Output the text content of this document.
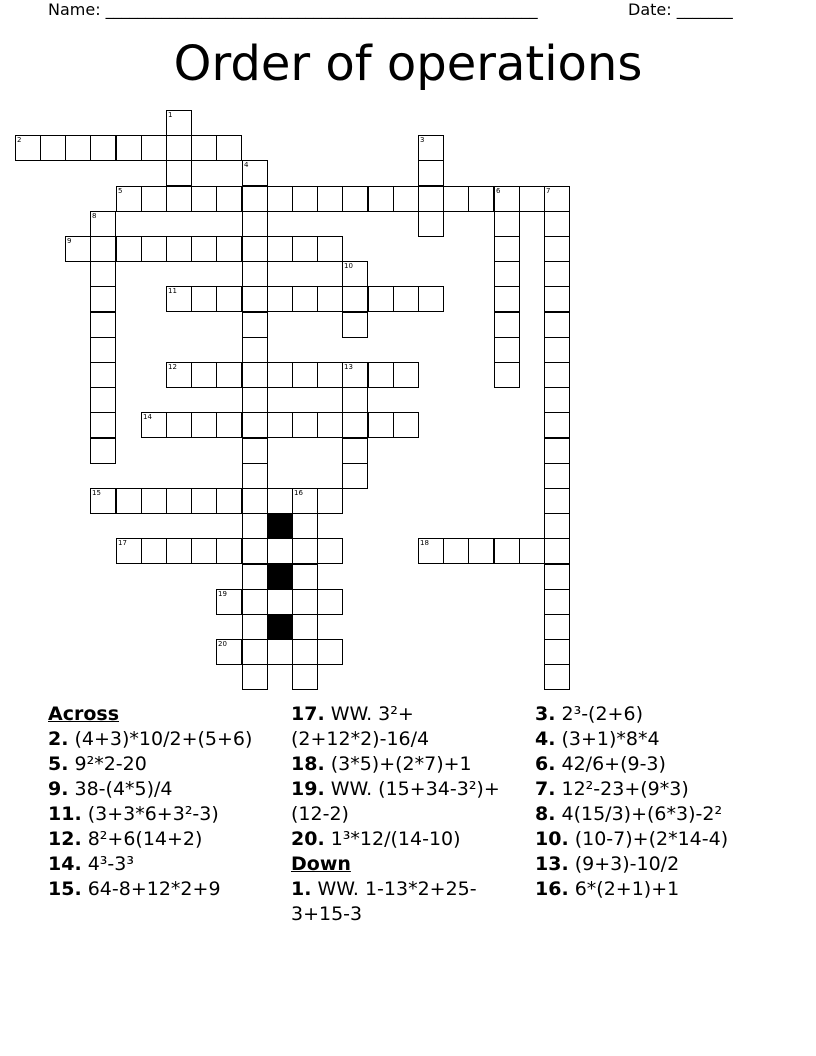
Name: ______________________________________________________	Date: _______
Order of operations
1
2	3
4
5	6	7
8
9
10
11
12	13
14
15	16
17	18
19
20
Across
2. (4+3)*10/2+(5+6)
5. 9²*2-20
9. 38-(4*5)/4
11. (3+3*6+3²-3)
12. 8²+6(14+2)
14. 4³-3³
15. 64-8+12*2+9
17. WW. 3²+(2+12*2)-16/4
18. (3*5)+(2*7)+1
19. WW. (15+34-3²)+(12-2)
20. 1³*12/(14-10)
Down
1. WW. 1-13*2+25-3+15-3
3. 2³-(2+6)
4. (3+1)*8*4
6. 42/6+(9-3)
7. 12²-23+(9*3)
8. 4(15/3)+(6*3)-2²
10. (10-7)+(2*14-4)
13. (9+3)-10/2
16. 6*(2+1)+1
